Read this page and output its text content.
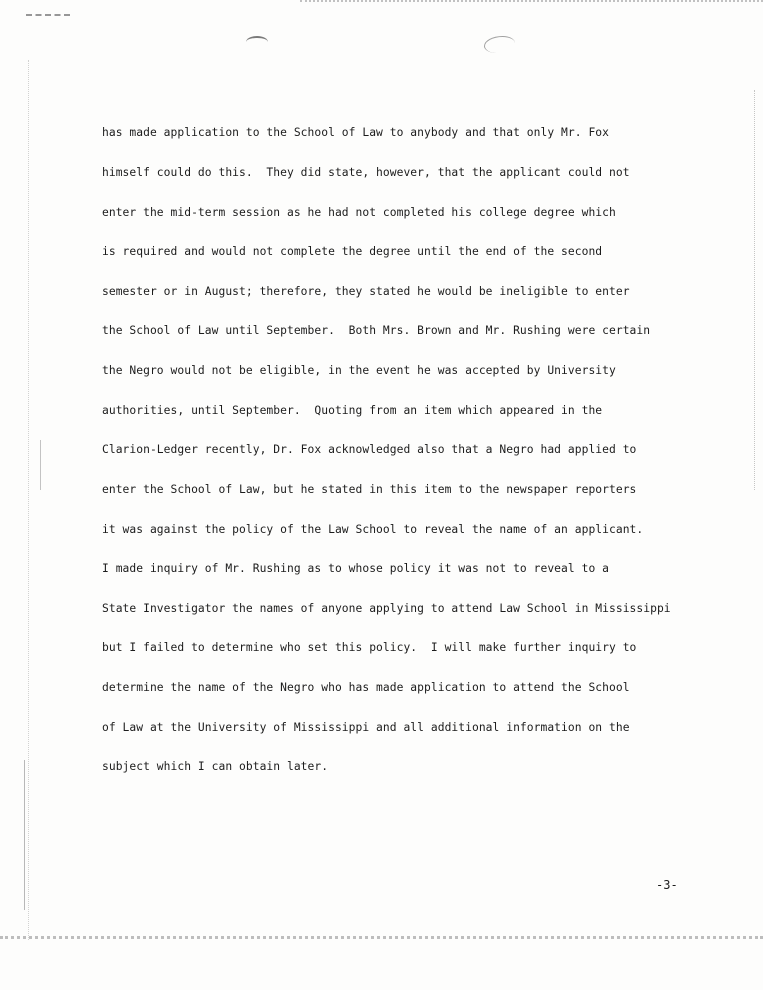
has made application to the School of Law to anybody and that only Mr. Fox

himself could do this.  They did state, however, that the applicant could not

enter the mid-term session as he had not completed his college degree which

is required and would not complete the degree until the end of the second

semester or in August; therefore, they stated he would be ineligible to enter

the School of Law until September.  Both Mrs. Brown and Mr. Rushing were certain

the Negro would not be eligible, in the event he was accepted by University

authorities, until September.  Quoting from an item which appeared in the

Clarion-Ledger recently, Dr. Fox acknowledged also that a Negro had applied to

enter the School of Law, but he stated in this item to the newspaper reporters

it was against the policy of the Law School to reveal the name of an applicant.

I made inquiry of Mr. Rushing as to whose policy it was not to reveal to a

State Investigator the names of anyone applying to attend Law School in Mississippi

but I failed to determine who set this policy.  I will make further inquiry to

determine the name of the Negro who has made application to attend the School

of Law at the University of Mississippi and all additional information on the

subject which I can obtain later.

-3-
